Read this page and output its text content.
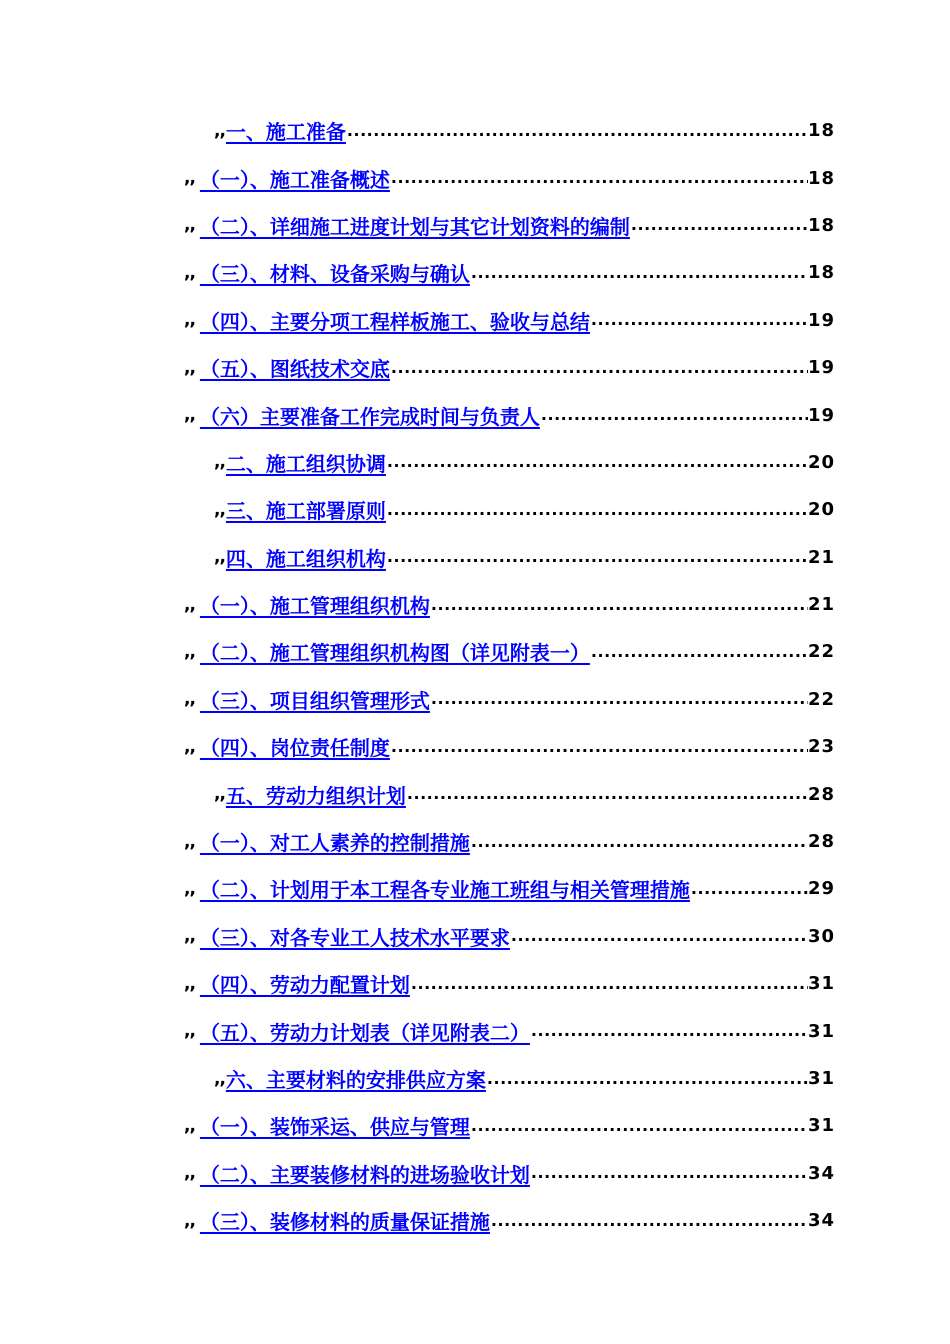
,, 一、施工准备 .....	18
,, （一）、施工准备概述 .....	18
,, （二）、详细施工进度计划与其它计划资料的编制 .....	18
,, （三）、材料、设备采购与确认 .....	18
,, （四）、主要分项工程样板施工、验收与总结 .....	19
,, （五）、图纸技术交底 .....	19
,, （六）主要准备工作完成时间与负责人 .....	19
,, 二、施工组织协调 .....	20
,, 三、施工部署原则 .....	20
,, 四、施工组织机构 .....	21
,, （一）、施工管理组织机构 .....	21
,, （二）、施工管理组织机构图（详见附表一） .....	22
,, （三）、项目组织管理形式 .....	22
,, （四）、岗位责任制度 .....	23
,, 五、劳动力组织计划 .....	28
,, （一）、对工人素养的控制措施 .....	28
,, （二）、计划用于本工程各专业施工班组与相关管理措施 .....	29
,, （三）、对各专业工人技术水平要求 .....	30
,, （四）、劳动力配置计划 .....	31
,, （五）、劳动力计划表（详见附表二） .....	31
,, 六、主要材料的安排供应方案 .....	31
,, （一）、装饰采运、供应与管理 .....	31
,, （二）、主要装修材料的进场验收计划 .....	34
,, （三）、装修材料的质量保证措施 .....	34
